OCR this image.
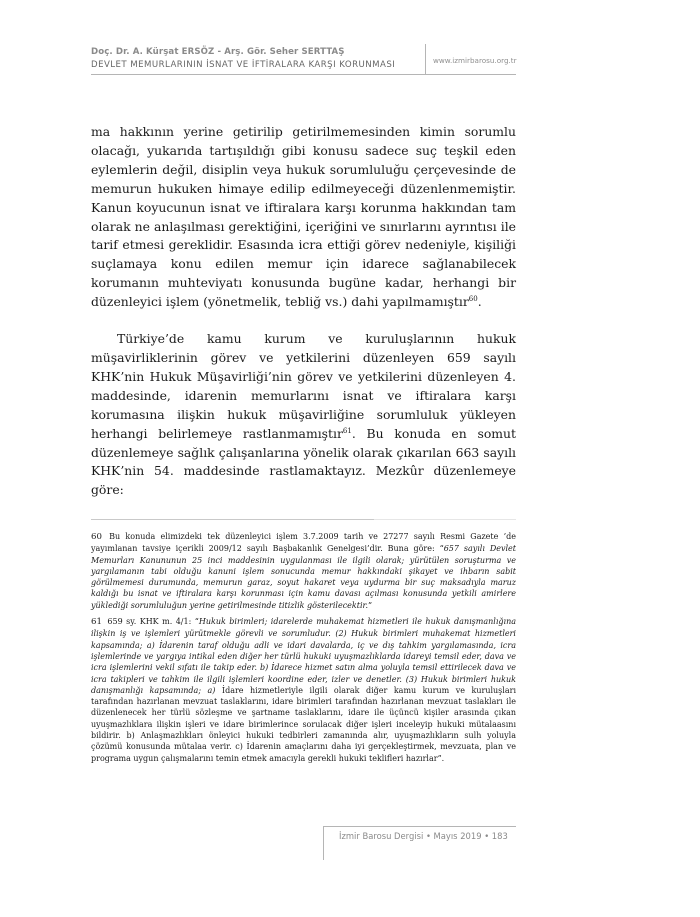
Doç. Dr. A. Kürşat ERSÖZ - Arş. Gör. Seher SERTTAŞ
DEVLET MEMURLARININ İSNAT VE İFTİRALARA KARŞI KORUNMASI	www.izmirbarosu.org.tr

ma hakkının yerine getirilip getirilmemesinden kimin sorumlu olacağı, yukarıda tartışıldığı gibi konusu sadece suç teşkil eden eylemlerin değil, disiplin veya hukuk sorumluluğu çerçevesinde de memurun hukuken himaye edilip edilmeyeceği düzenlenmemiştir. Kanun koyucunun isnat ve iftiralara karşı korunma hakkından tam olarak ne anlaşılması gerektiğini, içeriğini ve sınırlarını ayrıntısı ile tarif etmesi gereklidir. Esasında icra ettiği görev nedeniyle, kişiliği suçlamaya konu edilen memur için idarece sağlanabilecek korumanın muhteviyatı konusunda bugüne kadar, herhangi bir düzenleyici işlem (yönetmelik, tebliğ vs.) dahi yapılmamıştır$^{60}$.

Türkiye’de kamu kurum ve kuruluşlarının hukuk müşavirliklerinin görev ve yetkilerini düzenleyen 659 sayılı KHK’nin Hukuk Müşavirliği’nin görev ve yetkilerini düzenleyen 4. maddesinde, idarenin memurlarını isnat ve iftiralara karşı korumasına ilişkin hukuk müşavirliğine sorumluluk yükleyen herhangi belirlemeye rastlanmamıştır$^{61}$. Bu konuda en somut düzenlemeye sağlık çalışanlarına yönelik olarak çıkarılan 663 sayılı KHK’nin 54. maddesinde rastlamaktayız. Mezkûr düzenlemeye göre:

60 Bu konuda elimizdeki tek düzenleyici işlem 3.7.2009 tarih ve 27277 sayılı Resmi Gazete ’de yayımlanan tavsiye içerikli 2009/12 sayılı Başbakanlık Genelgesi’dir. Buna göre: “657 sayılı Devlet Memurları Kanununun 25 inci maddesinin uygulanması ile ilgili olarak; yürütülen soruşturma ve yargılamanın tabi olduğu kanuni işlem sonucunda memur hakkındaki şikayet ve ihbarın sabit görülmemesi durumunda, memurun garaz, soyut hakaret veya uydurma bir suç maksadıyla maruz kaldığı bu isnat ve iftiralara karşı korunması için kamu davası açılması konusunda yetkili amirlere yüklediği sorumluluğun yerine getirilmesinde titizlik gösterilecektir.”

61 659 sy. KHK m. 4/1: “Hukuk birimleri; idarelerde muhakemat hizmetleri ile hukuk danışmanlığına ilişkin iş ve işlemleri yürütmekle görevli ve sorumludur. (2) Hukuk birimleri muhakemat hizmetleri kapsamında; a) İdarenin taraf olduğu adli ve idari davalarda, iç ve dış tahkim yargılamasında, icra işlemlerinde ve yargıya intikal eden diğer her türlü hukuki uyuşmazlıklarda idareyi temsil eder, dava ve icra işlemlerini vekil sıfatı ile takip eder. b) İdarece hizmet satın alma yoluyla temsil ettirilecek dava ve icra takipleri ve tahkim ile ilgili işlemleri koordine eder, izler ve denetler. (3) Hukuk birimleri hukuk danışmanlığı kapsamında; a) İdare hizmetleriyle ilgili olarak diğer kamu kurum ve kuruluşları tarafından hazırlanan mevzuat taslaklarını, idare birimleri tarafından hazırlanan mevzuat taslakları ile düzenlenecek her türlü sözleşme ve şartname taslaklarını, idare ile üçüncü kişiler arasında çıkan uyuşmazlıklara ilişkin işleri ve idare birimlerince sorulacak diğer işleri inceleyip hukuki mütalaasını bildirir. b) Anlaşmazlıkları önleyici hukuki tedbirleri zamanında alır, uyuşmazlıkların sulh yoluyla çözümü konusunda mütalaa verir. c) İdarenin amaçlarını daha iyi gerçekleştirmek, mevzuata, plan ve programa uygun çalışmalarını temin etmek amacıyla gerekli hukuki teklifleri hazırlar”.

İzmir Barosu Dergisi • Mayıs 2019 • 183
